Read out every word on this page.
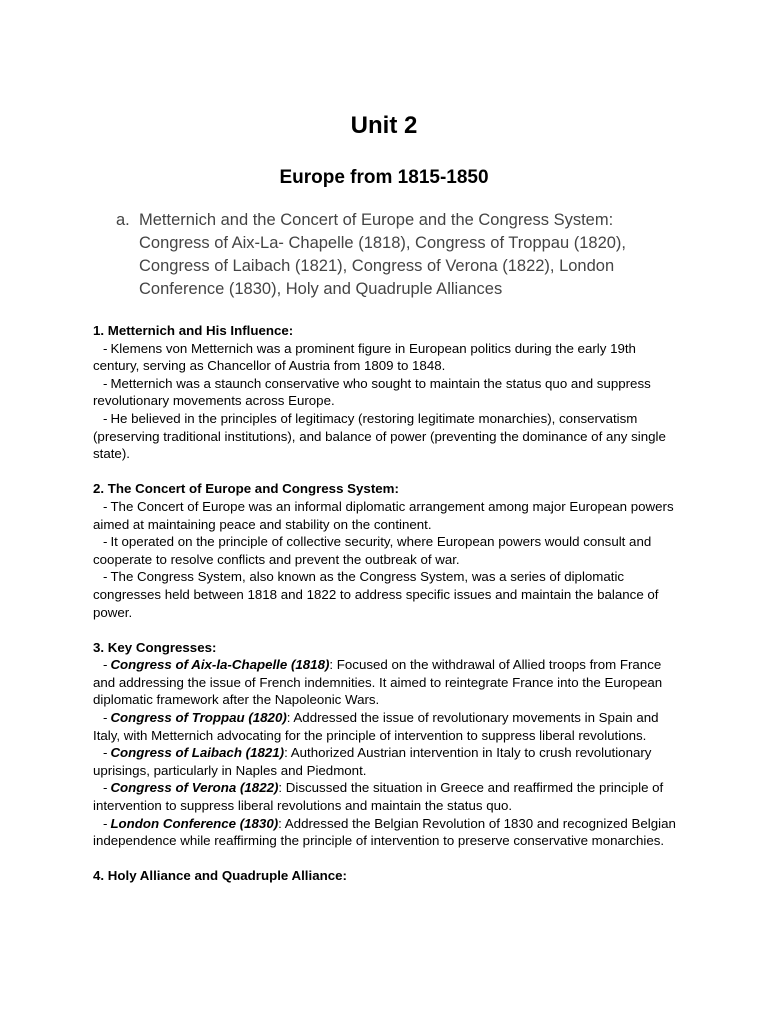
Unit 2
Europe from 1815-1850
a. Metternich and the Concert of Europe and the Congress System: Congress of Aix-La- Chapelle (1818), Congress of Troppau (1820), Congress of Laibach (1821), Congress of Verona (1822), London Conference (1830), Holy and Quadruple Alliances

1. Metternich and His Influence:

- Klemens von Metternich was a prominent figure in European politics during the early 19th century, serving as Chancellor of Austria from 1809 to 1848.

- Metternich was a staunch conservative who sought to maintain the status quo and suppress revolutionary movements across Europe.

- He believed in the principles of legitimacy (restoring legitimate monarchies), conservatism (preserving traditional institutions), and balance of power (preventing the dominance of any single state).

2. The Concert of Europe and Congress System:

- The Concert of Europe was an informal diplomatic arrangement among major European powers aimed at maintaining peace and stability on the continent.

- It operated on the principle of collective security, where European powers would consult and cooperate to resolve conflicts and prevent the outbreak of war.

- The Congress System, also known as the Congress System, was a series of diplomatic congresses held between 1818 and 1822 to address specific issues and maintain the balance of power.

3. Key Congresses:

- Congress of Aix-la-Chapelle (1818): Focused on the withdrawal of Allied troops from France and addressing the issue of French indemnities. It aimed to reintegrate France into the European diplomatic framework after the Napoleonic Wars.

- Congress of Troppau (1820): Addressed the issue of revolutionary movements in Spain and Italy, with Metternich advocating for the principle of intervention to suppress liberal revolutions.

- Congress of Laibach (1821): Authorized Austrian intervention in Italy to crush revolutionary uprisings, particularly in Naples and Piedmont.

- Congress of Verona (1822): Discussed the situation in Greece and reaffirmed the principle of intervention to suppress liberal revolutions and maintain the status quo.

- London Conference (1830): Addressed the Belgian Revolution of 1830 and recognized Belgian independence while reaffirming the principle of intervention to preserve conservative monarchies.

4. Holy Alliance and Quadruple Alliance:
